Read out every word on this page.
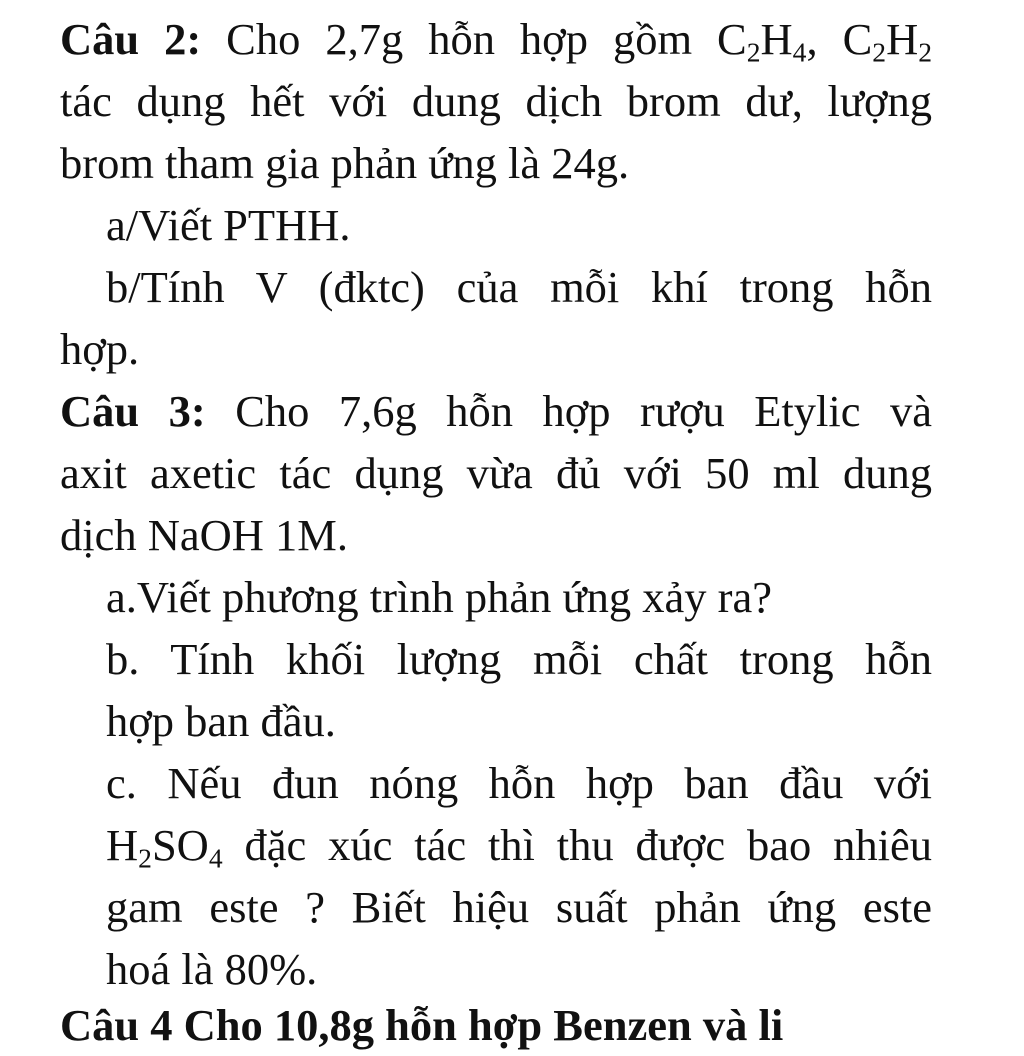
Câu 2: Cho 2,7g hỗn hợp gồm $C_2H_4$, $C_2H_2$
tác dụng hết với dung dịch brom dư, lượng
brom tham gia phản ứng là 24g.
a/Viết PTHH.
b/Tính V (đktc) của mỗi khí trong hỗn
hợp.
Câu 3: Cho 7,6g hỗn hợp rượu Etylic và
axit axetic tác dụng vừa đủ với 50 ml dung
dịch NaOH 1M.
a.Viết phương trình phản ứng xảy ra?
b. Tính khối lượng mỗi chất trong hỗn
hợp ban đầu.
c. Nếu đun nóng hỗn hợp ban đầu với
$H_2SO_4$ đặc xúc tác thì thu được bao nhiêu
gam este ? Biết hiệu suất phản ứng este
hoá là 80%.
Câu 4 Cho 10,8g hỗn hợp Benzen và li
